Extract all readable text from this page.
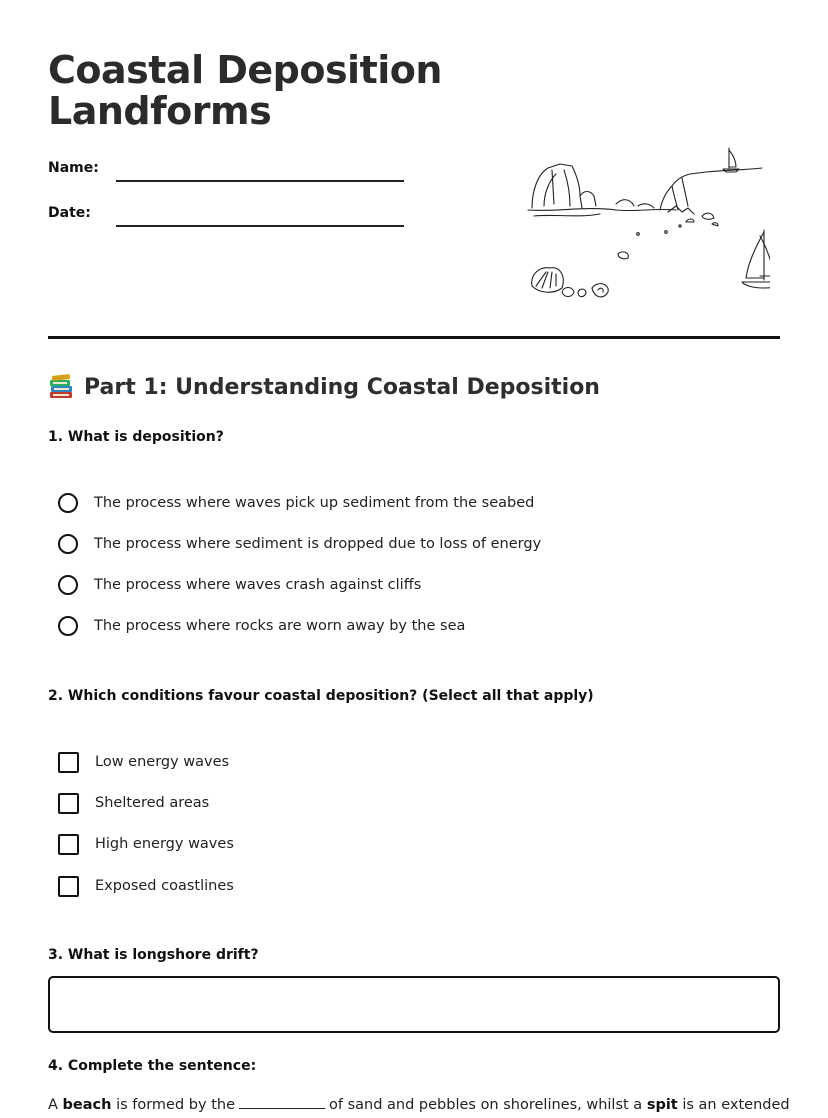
Coastal Deposition
Landforms
Name:
Date:
Part 1: Understanding Coastal Deposition

1. What is deposition?

The process where waves pick up sediment from the seabed
The process where sediment is dropped due to loss of energy
The process where waves crash against cliffs
The process where rocks are worn away by the sea

2. Which conditions favour coastal deposition? (Select all that apply)

Low energy waves
Sheltered areas
High energy waves
Exposed coastlines

3. What is longshore drift?

4. Complete the sentence:

A beach is formed by the	of sand and pebbles on shorelines, whilst a spit is an extended
